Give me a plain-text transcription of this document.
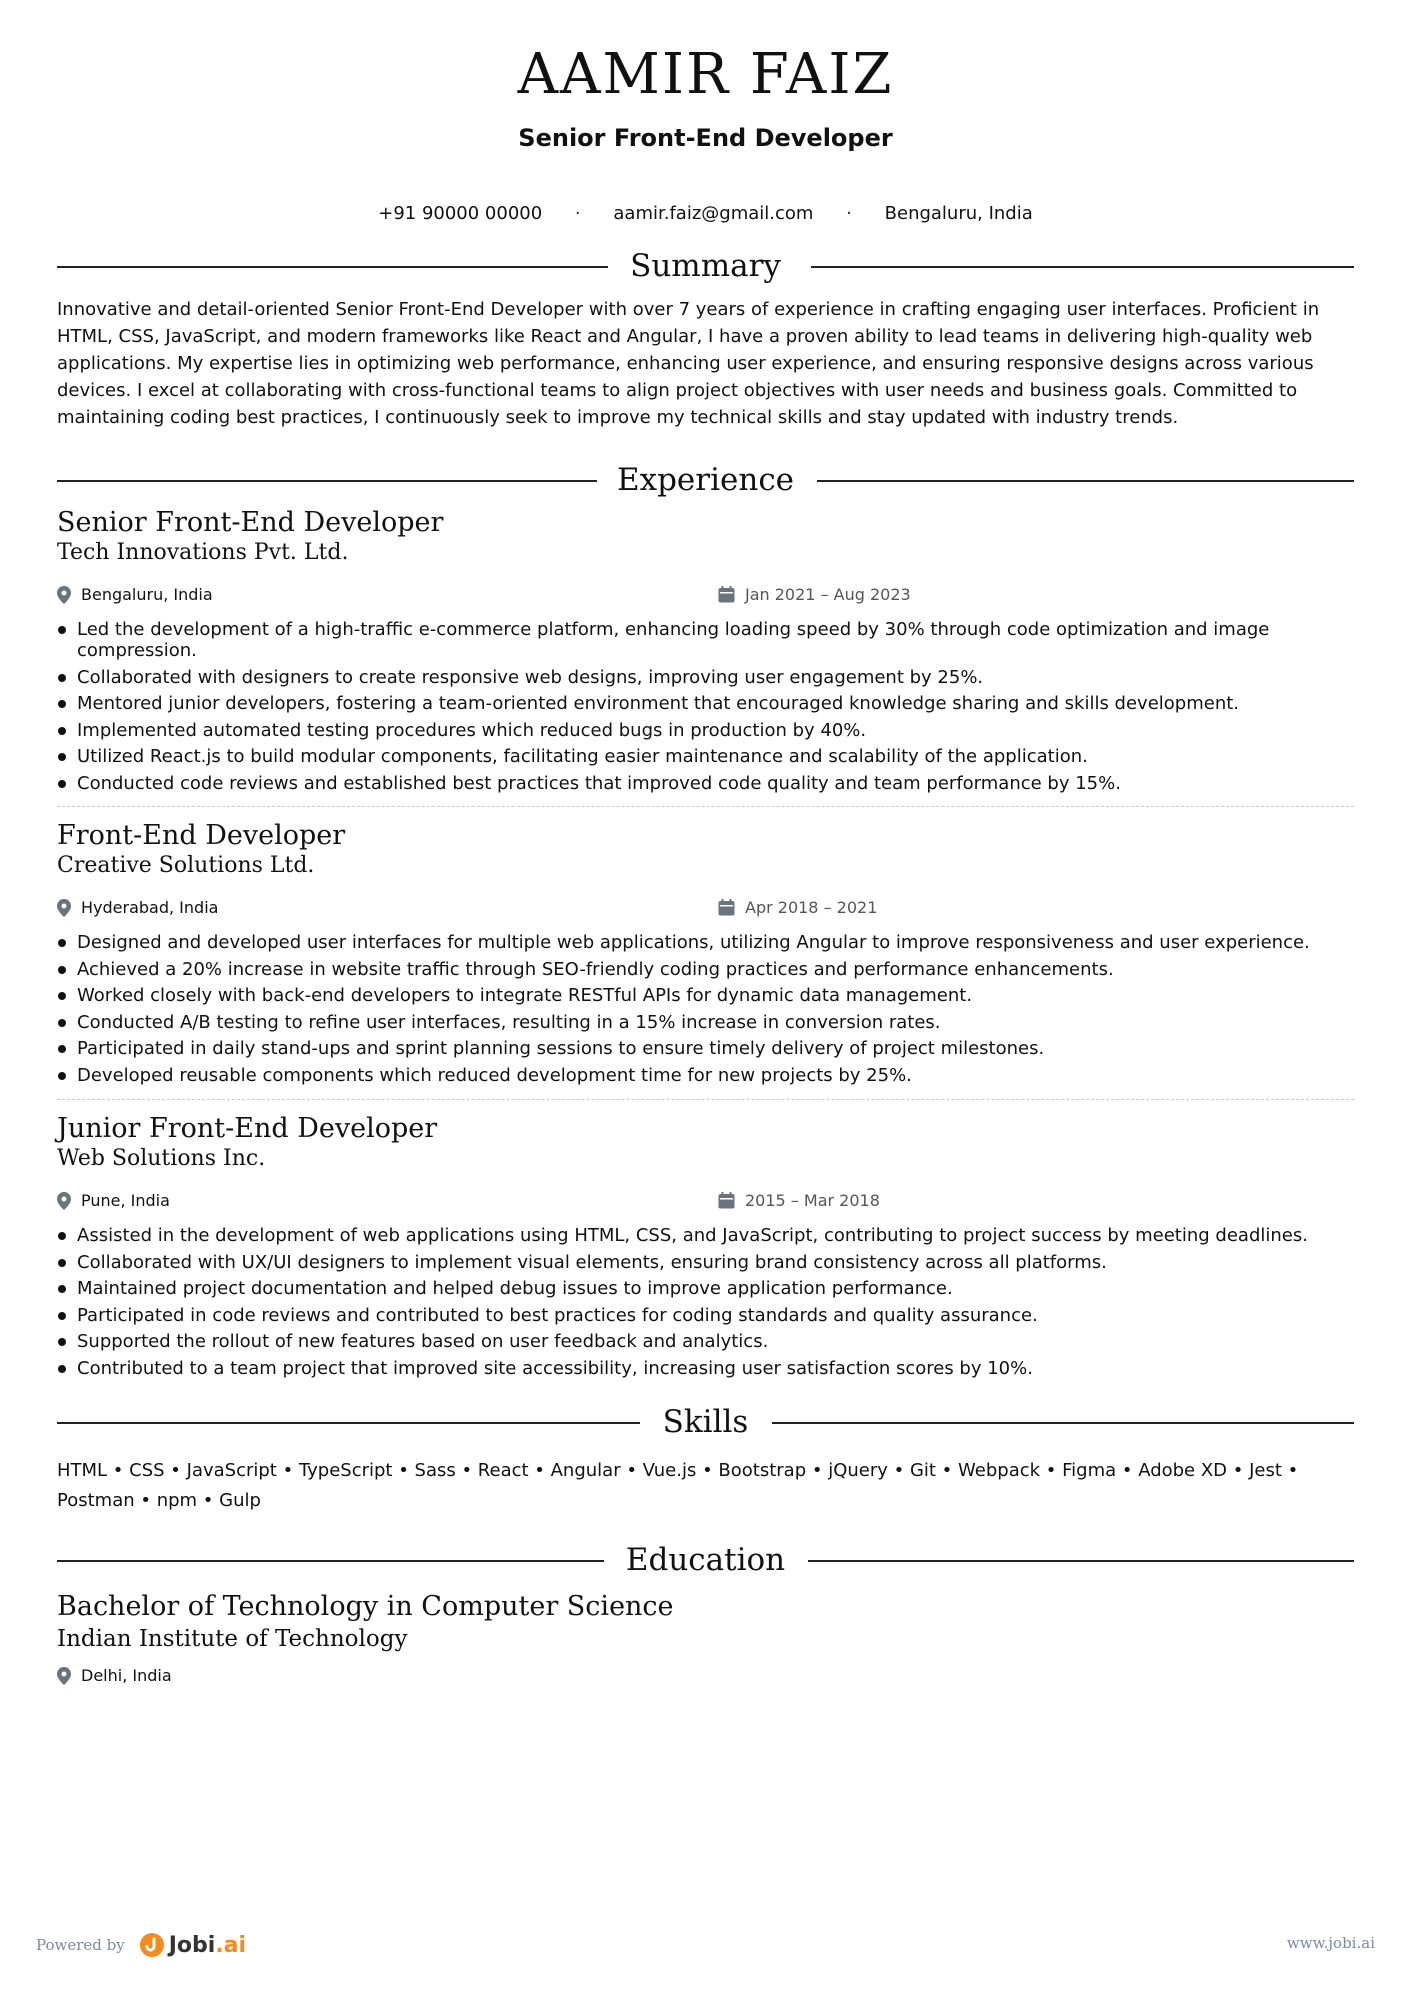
AAMIR FAIZ
Senior Front-End Developer
+91 90000 00000 · aamir.faiz@gmail.com · Bengaluru, India
Summary
Innovative and detail-oriented Senior Front-End Developer with over 7 years of experience in crafting engaging user interfaces. Proficient in HTML, CSS, JavaScript, and modern frameworks like React and Angular, I have a proven ability to lead teams in delivering high-quality web applications. My expertise lies in optimizing web performance, enhancing user experience, and ensuring responsive designs across various devices. I excel at collaborating with cross-functional teams to align project objectives with user needs and business goals. Committed to maintaining coding best practices, I continuously seek to improve my technical skills and stay updated with industry trends.
Experience
Senior Front-End Developer
Tech Innovations Pvt. Ltd.
Bengaluru, India	Jan 2021 – Aug 2023
Led the development of a high-traffic e-commerce platform, enhancing loading speed by 30% through code optimization and image compression.
Collaborated with designers to create responsive web designs, improving user engagement by 25%.
Mentored junior developers, fostering a team-oriented environment that encouraged knowledge sharing and skills development.
Implemented automated testing procedures which reduced bugs in production by 40%.
Utilized React.js to build modular components, facilitating easier maintenance and scalability of the application.
Conducted code reviews and established best practices that improved code quality and team performance by 15%.
Front-End Developer
Creative Solutions Ltd.
Hyderabad, India	Apr 2018 – 2021
Designed and developed user interfaces for multiple web applications, utilizing Angular to improve responsiveness and user experience.
Achieved a 20% increase in website traffic through SEO-friendly coding practices and performance enhancements.
Worked closely with back-end developers to integrate RESTful APIs for dynamic data management.
Conducted A/B testing to refine user interfaces, resulting in a 15% increase in conversion rates.
Participated in daily stand-ups and sprint planning sessions to ensure timely delivery of project milestones.
Developed reusable components which reduced development time for new projects by 25%.
Junior Front-End Developer
Web Solutions Inc.
Pune, India	2015 – Mar 2018
Assisted in the development of web applications using HTML, CSS, and JavaScript, contributing to project success by meeting deadlines.
Collaborated with UX/UI designers to implement visual elements, ensuring brand consistency across all platforms.
Maintained project documentation and helped debug issues to improve application performance.
Participated in code reviews and contributed to best practices for coding standards and quality assurance.
Supported the rollout of new features based on user feedback and analytics.
Contributed to a team project that improved site accessibility, increasing user satisfaction scores by 10%.
Skills
HTML • CSS • JavaScript • TypeScript • Sass • React • Angular • Vue.js • Bootstrap • jQuery • Git • Webpack • Figma • Adobe XD • Jest • Postman • npm • Gulp
Education
Bachelor of Technology in Computer Science
Indian Institute of Technology
Delhi, India
Powered by Jobi .ai	www.jobi.ai
